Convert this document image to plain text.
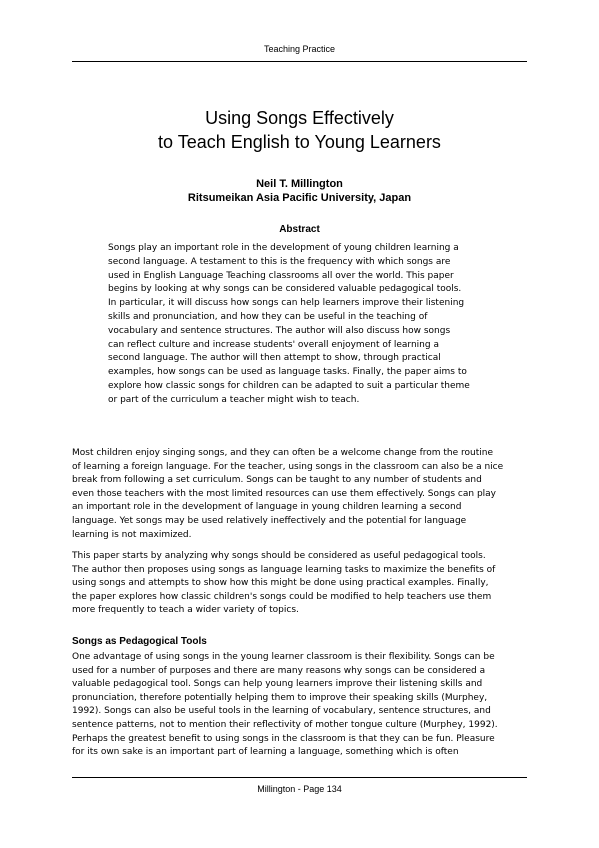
Teaching Practice
Using Songs Effectively
to Teach English to Young Learners
Neil T. Millington
Ritsumeikan Asia Pacific University, Japan
Abstract
Songs play an important role in the development of young children learning a
second language. A testament to this is the frequency with which songs are
used in English Language Teaching classrooms all over the world. This paper
begins by looking at why songs can be considered valuable pedagogical tools.
In particular, it will discuss how songs can help learners improve their listening
skills and pronunciation, and how they can be useful in the teaching of
vocabulary and sentence structures. The author will also discuss how songs
can reflect culture and increase students' overall enjoyment of learning a
second language. The author will then attempt to show, through practical
examples, how songs can be used as language tasks. Finally, the paper aims to
explore how classic songs for children can be adapted to suit a particular theme
or part of the curriculum a teacher might wish to teach.
Most children enjoy singing songs, and they can often be a welcome change from the routine
of learning a foreign language. For the teacher, using songs in the classroom can also be a nice
break from following a set curriculum. Songs can be taught to any number of students and
even those teachers with the most limited resources can use them effectively. Songs can play
an important role in the development of language in young children learning a second
language. Yet songs may be used relatively ineffectively and the potential for language
learning is not maximized.
This paper starts by analyzing why songs should be considered as useful pedagogical tools.
The author then proposes using songs as language learning tasks to maximize the benefits of
using songs and attempts to show how this might be done using practical examples. Finally,
the paper explores how classic children's songs could be modified to help teachers use them
more frequently to teach a wider variety of topics.
Songs as Pedagogical Tools
One advantage of using songs in the young learner classroom is their flexibility. Songs can be
used for a number of purposes and there are many reasons why songs can be considered a
valuable pedagogical tool. Songs can help young learners improve their listening skills and
pronunciation, therefore potentially helping them to improve their speaking skills (Murphey,
1992). Songs can also be useful tools in the learning of vocabulary, sentence structures, and
sentence patterns, not to mention their reflectivity of mother tongue culture (Murphey, 1992).
Perhaps the greatest benefit to using songs in the classroom is that they can be fun. Pleasure
for its own sake is an important part of learning a language, something which is often
Millington - Page 134
